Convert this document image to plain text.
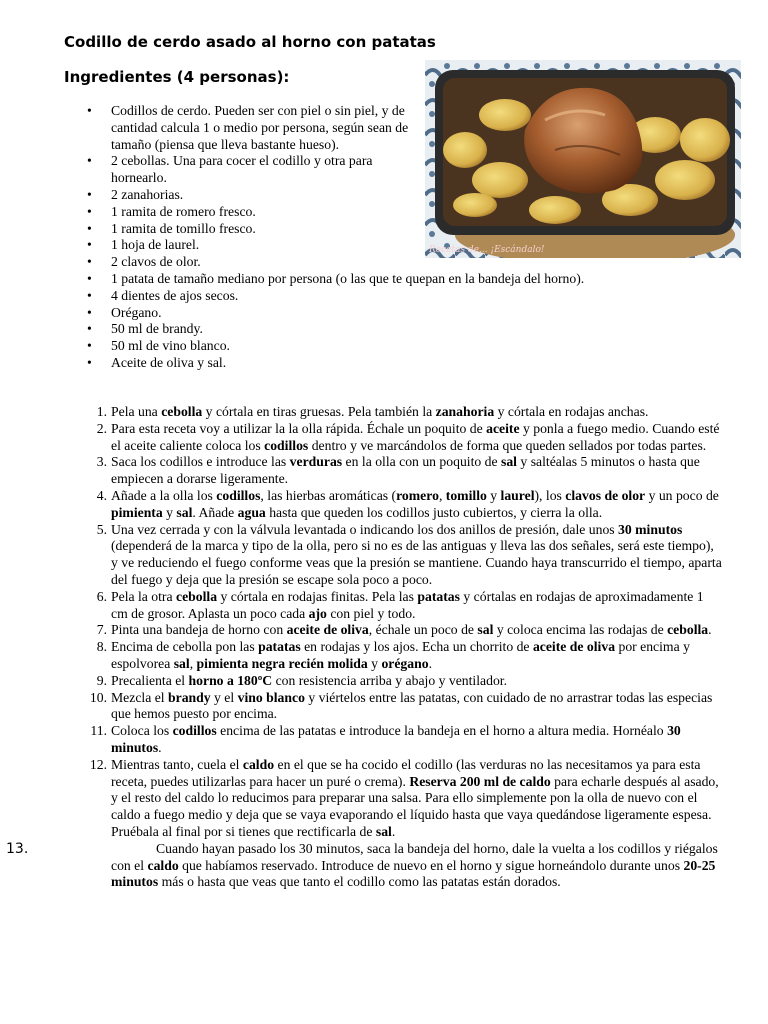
Codillo de cerdo asado al horno con patatas
Ingredientes (4 personas):
Recetas de... ¡Escándalo!
• Codillos de cerdo. Pueden ser con piel o sin piel, y de cantidad calcula 1 o medio por persona, según sean de tamaño (piensa que lleva bastante hueso).
• 2 cebollas. Una para cocer el codillo y otra para hornearlo.
• 2 zanahorias.
• 1 ramita de romero fresco.
• 1 ramita de tomillo fresco.
• 1 hoja de laurel.
• 2 clavos de olor.
• 1 patata de tamaño mediano por persona (o las que te quepan en la bandeja del horno).
• 4 dientes de ajos secos.
• Orégano.
• 50 ml de brandy.
• 50 ml de vino blanco.
• Aceite de oliva y sal.
1. Pela una cebolla y córtala en tiras gruesas. Pela también la zanahoria y córtala en rodajas anchas.
2. Para esta receta voy a utilizar la la olla rápida. Échale un poquito de aceite y ponla a fuego medio. Cuando esté el aceite caliente coloca los codillos dentro y ve marcándolos de forma que queden sellados por todas partes.
3. Saca los codillos e introduce las verduras en la olla con un poquito de sal y saltéalas 5 minutos o hasta que empiecen a dorarse ligeramente.
4. Añade a la olla los codillos, las hierbas aromáticas (romero, tomillo y laurel), los clavos de olor y un poco de pimienta y sal. Añade agua hasta que queden los codillos justo cubiertos, y cierra la olla.
5. Una vez cerrada y con la válvula levantada o indicando los dos anillos de presión, dale unos 30 minutos (dependerá de la marca y tipo de la olla, pero si no es de las antiguas y lleva las dos señales, será este tiempo), y ve reduciendo el fuego conforme veas que la presión se mantiene. Cuando haya transcurrido el tiempo, aparta del fuego y deja que la presión se escape sola poco a poco.
6. Pela la otra cebolla y córtala en rodajas finitas. Pela las patatas y córtalas en rodajas de aproximadamente 1 cm de grosor. Aplasta un poco cada ajo con piel y todo.
7. Pinta una bandeja de horno con aceite de oliva, échale un poco de sal y coloca encima las rodajas de cebolla.
8. Encima de cebolla pon las patatas en rodajas y los ajos. Echa un chorrito de aceite de oliva por encima y espolvorea sal, pimienta negra recién molida y orégano.
9. Precalienta el horno a 180ºC con resistencia arriba y abajo y ventilador.
10. Mezcla el brandy y el vino blanco y viértelos entre las patatas, con cuidado de no arrastrar todas las especias que hemos puesto por encima.
11. Coloca los codillos encima de las patatas e introduce la bandeja en el horno a altura media. Hornéalo 30 minutos.
12. Mientras tanto, cuela el caldo en el que se ha cocido el codillo (las verduras no las necesitamos ya para esta receta, puedes utilizarlas para hacer un puré o crema). Reserva 200 ml de caldo para echarle después al asado, y el resto del caldo lo reducimos para preparar una salsa. Para ello simplemente pon la olla de nuevo con el caldo a fuego medio y deja que se vaya evaporando el líquido hasta que vaya quedándose ligeramente espesa. Pruébala al final por si tienes que rectificarla de sal.
13.	Cuando hayan pasado los 30 minutos, saca la bandeja del horno, dale la vuelta a los codillos y riégalos con el caldo que habíamos reservado. Introduce de nuevo en el horno y sigue horneándolo durante unos 20-25 minutos más o hasta que veas que tanto el codillo como las patatas están dorados.
